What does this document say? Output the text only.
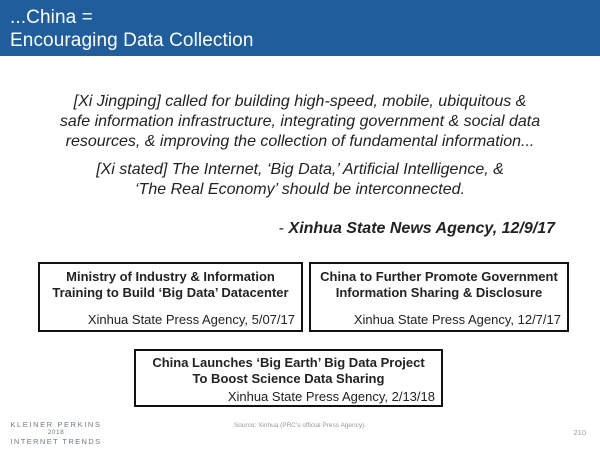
...China =
Encouraging Data Collection
[Xi Jingping] called for building high-speed, mobile, ubiquitous &
safe information infrastructure, integrating government & social data
resources, & improving the collection of fundamental information...
[Xi stated] The Internet, ‘Big Data,’ Artificial Intelligence, &
‘The Real Economy’ should be interconnected.
- Xinhua State News Agency, 12/9/17
Ministry of Industry & Information
Training to Build ‘Big Data’ Datacenter
Xinhua State Press Agency, 5/07/17
China to Further Promote Government
Information Sharing & Disclosure
Xinhua State Press Agency, 12/7/17
China Launches ‘Big Earth’ Big Data Project
To Boost Science Data Sharing
Xinhua State Press Agency, 2/13/18
KLEINER PERKINS
2018
INTERNET TRENDS
Source: Xinhua (PRC's official Press Agency).
210
